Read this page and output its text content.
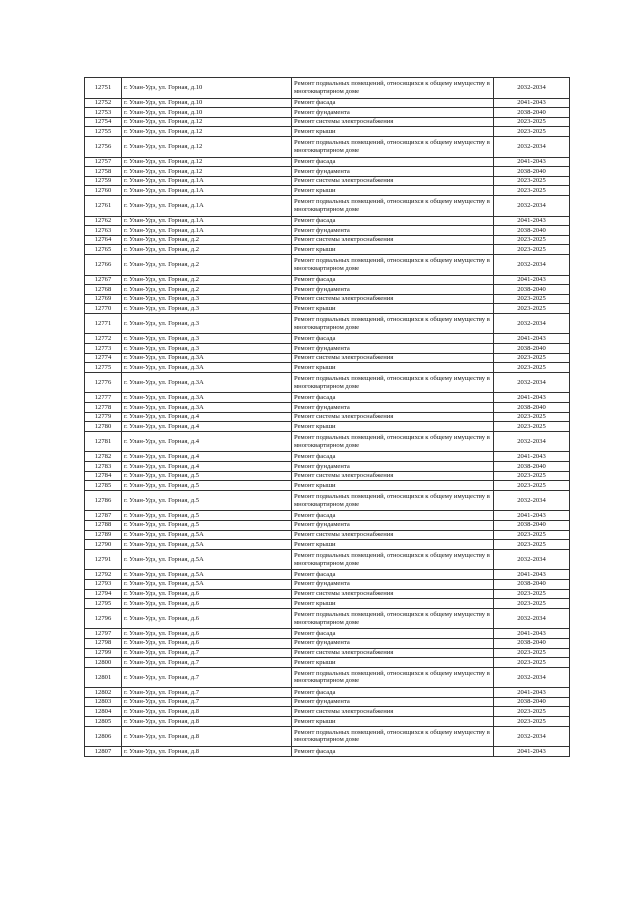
12751	г. Улан-Удэ, ул. Горная, д.10	Ремонт подвальных помещений, относящихся к общему имуществу в многоквартирном доме	2032-2034
12752	г. Улан-Удэ, ул. Горная, д.10	Ремонт фасада	2041-2043
12753	г. Улан-Удэ, ул. Горная, д.10	Ремонт фундамента	2038-2040
12754	г. Улан-Удэ, ул. Горная, д.12	Ремонт системы электроснабжения	2023-2025
12755	г. Улан-Удэ, ул. Горная, д.12	Ремонт крыши	2023-2025
12756	г. Улан-Удэ, ул. Горная, д.12	Ремонт подвальных помещений, относящихся к общему имуществу в многоквартирном доме	2032-2034
12757	г. Улан-Удэ, ул. Горная, д.12	Ремонт фасада	2041-2043
12758	г. Улан-Удэ, ул. Горная, д.12	Ремонт фундамента	2038-2040
12759	г. Улан-Удэ, ул. Горная, д.1А	Ремонт системы электроснабжения	2023-2025
12760	г. Улан-Удэ, ул. Горная, д.1А	Ремонт крыши	2023-2025
12761	г. Улан-Удэ, ул. Горная, д.1А	Ремонт подвальных помещений, относящихся к общему имуществу в многоквартирном доме	2032-2034
12762	г. Улан-Удэ, ул. Горная, д.1А	Ремонт фасада	2041-2043
12763	г. Улан-Удэ, ул. Горная, д.1А	Ремонт фундамента	2038-2040
12764	г. Улан-Удэ, ул. Горная, д.2	Ремонт системы электроснабжения	2023-2025
12765	г. Улан-Удэ, ул. Горная, д.2	Ремонт крыши	2023-2025
12766	г. Улан-Удэ, ул. Горная, д.2	Ремонт подвальных помещений, относящихся к общему имуществу в многоквартирном доме	2032-2034
12767	г. Улан-Удэ, ул. Горная, д.2	Ремонт фасада	2041-2043
12768	г. Улан-Удэ, ул. Горная, д.2	Ремонт фундамента	2038-2040
12769	г. Улан-Удэ, ул. Горная, д.3	Ремонт системы электроснабжения	2023-2025
12770	г. Улан-Удэ, ул. Горная, д.3	Ремонт крыши	2023-2025
12771	г. Улан-Удэ, ул. Горная, д.3	Ремонт подвальных помещений, относящихся к общему имуществу в многоквартирном доме	2032-2034
12772	г. Улан-Удэ, ул. Горная, д.3	Ремонт фасада	2041-2043
12773	г. Улан-Удэ, ул. Горная, д.3	Ремонт фундамента	2038-2040
12774	г. Улан-Удэ, ул. Горная, д.3А	Ремонт системы электроснабжения	2023-2025
12775	г. Улан-Удэ, ул. Горная, д.3А	Ремонт крыши	2023-2025
12776	г. Улан-Удэ, ул. Горная, д.3А	Ремонт подвальных помещений, относящихся к общему имуществу в многоквартирном доме	2032-2034
12777	г. Улан-Удэ, ул. Горная, д.3А	Ремонт фасада	2041-2043
12778	г. Улан-Удэ, ул. Горная, д.3А	Ремонт фундамента	2038-2040
12779	г. Улан-Удэ, ул. Горная, д.4	Ремонт системы электроснабжения	2023-2025
12780	г. Улан-Удэ, ул. Горная, д.4	Ремонт крыши	2023-2025
12781	г. Улан-Удэ, ул. Горная, д.4	Ремонт подвальных помещений, относящихся к общему имуществу в многоквартирном доме	2032-2034
12782	г. Улан-Удэ, ул. Горная, д.4	Ремонт фасада	2041-2043
12783	г. Улан-Удэ, ул. Горная, д.4	Ремонт фундамента	2038-2040
12784	г. Улан-Удэ, ул. Горная, д.5	Ремонт системы электроснабжения	2023-2025
12785	г. Улан-Удэ, ул. Горная, д.5	Ремонт крыши	2023-2025
12786	г. Улан-Удэ, ул. Горная, д.5	Ремонт подвальных помещений, относящихся к общему имуществу в многоквартирном доме	2032-2034
12787	г. Улан-Удэ, ул. Горная, д.5	Ремонт фасада	2041-2043
12788	г. Улан-Удэ, ул. Горная, д.5	Ремонт фундамента	2038-2040
12789	г. Улан-Удэ, ул. Горная, д.5А	Ремонт системы электроснабжения	2023-2025
12790	г. Улан-Удэ, ул. Горная, д.5А	Ремонт крыши	2023-2025
12791	г. Улан-Удэ, ул. Горная, д.5А	Ремонт подвальных помещений, относящихся к общему имуществу в многоквартирном доме	2032-2034
12792	г. Улан-Удэ, ул. Горная, д.5А	Ремонт фасада	2041-2043
12793	г. Улан-Удэ, ул. Горная, д.5А	Ремонт фундамента	2038-2040
12794	г. Улан-Удэ, ул. Горная, д.6	Ремонт системы электроснабжения	2023-2025
12795	г. Улан-Удэ, ул. Горная, д.6	Ремонт крыши	2023-2025
12796	г. Улан-Удэ, ул. Горная, д.6	Ремонт подвальных помещений, относящихся к общему имуществу в многоквартирном доме	2032-2034
12797	г. Улан-Удэ, ул. Горная, д.6	Ремонт фасада	2041-2043
12798	г. Улан-Удэ, ул. Горная, д.6	Ремонт фундамента	2038-2040
12799	г. Улан-Удэ, ул. Горная, д.7	Ремонт системы электроснабжения	2023-2025
12800	г. Улан-Удэ, ул. Горная, д.7	Ремонт крыши	2023-2025
12801	г. Улан-Удэ, ул. Горная, д.7	Ремонт подвальных помещений, относящихся к общему имуществу в многоквартирном доме	2032-2034
12802	г. Улан-Удэ, ул. Горная, д.7	Ремонт фасада	2041-2043
12803	г. Улан-Удэ, ул. Горная, д.7	Ремонт фундамента	2038-2040
12804	г. Улан-Удэ, ул. Горная, д.8	Ремонт системы электроснабжения	2023-2025
12805	г. Улан-Удэ, ул. Горная, д.8	Ремонт крыши	2023-2025
12806	г. Улан-Удэ, ул. Горная, д.8	Ремонт подвальных помещений, относящихся к общему имуществу в многоквартирном доме	2032-2034
12807	г. Улан-Удэ, ул. Горная, д.8	Ремонт фасада	2041-2043
